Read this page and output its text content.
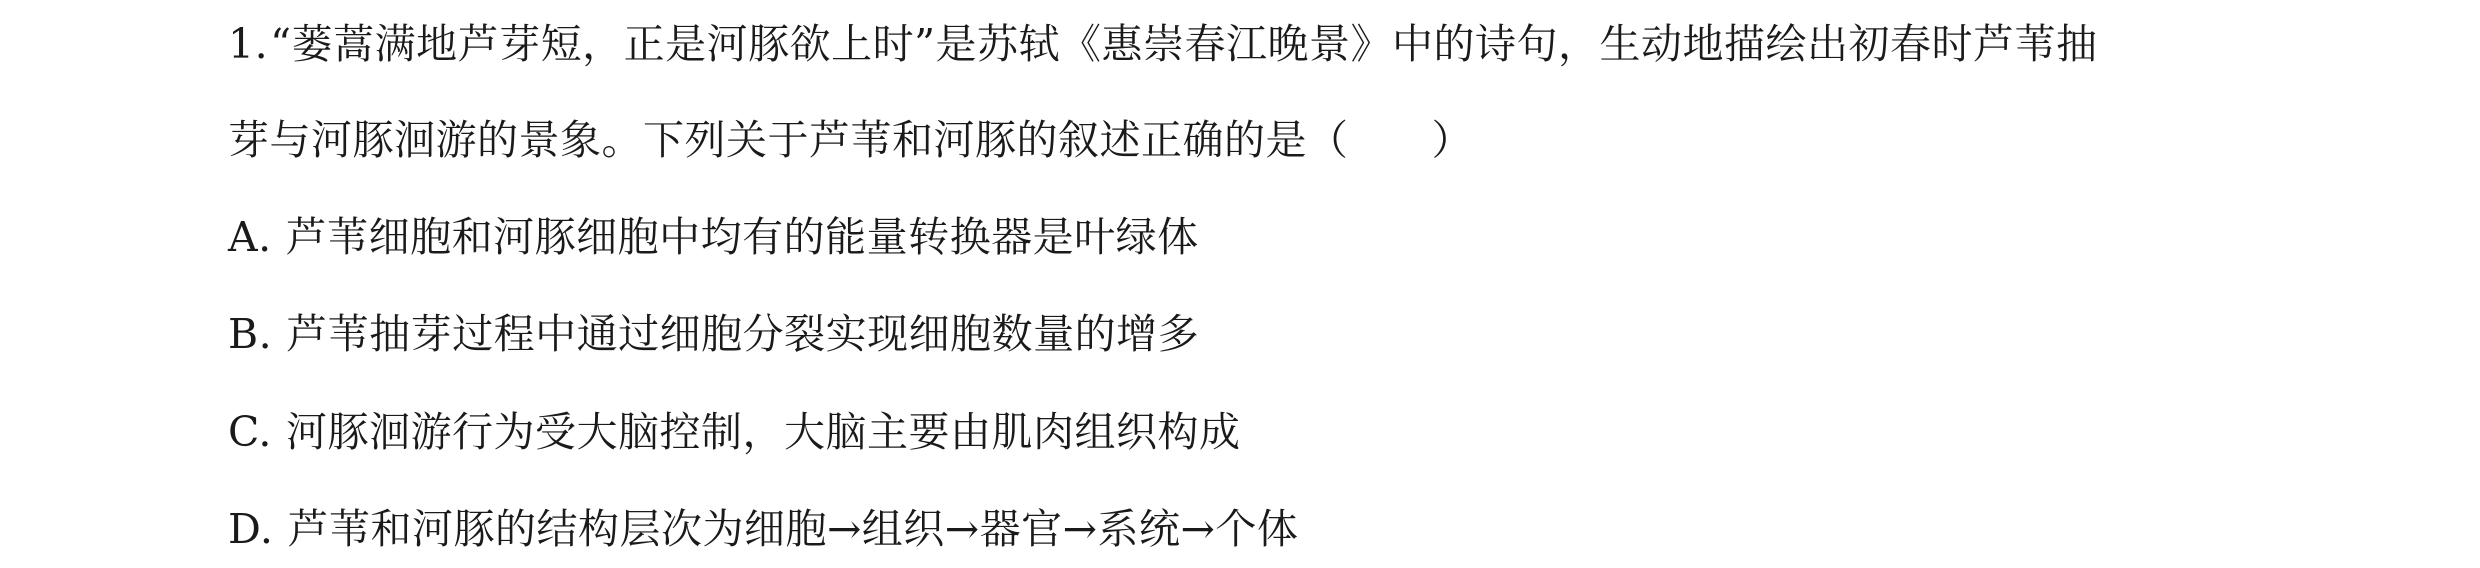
1.“蒌蒿满地芦芽短，正是河豚欲上时”是苏轼《惠崇春江晚景》中的诗句，生动地描绘出初春时芦苇抽
芽与河豚洄游的景象。下列关于芦苇和河豚的叙述正确的是（　　）
A. 芦苇细胞和河豚细胞中均有的能量转换器是叶绿体
B. 芦苇抽芽过程中通过细胞分裂实现细胞数量的增多
C. 河豚洄游行为受大脑控制，大脑主要由肌肉组织构成
D. 芦苇和河豚的结构层次为细胞→组织→器官→系统→个体
